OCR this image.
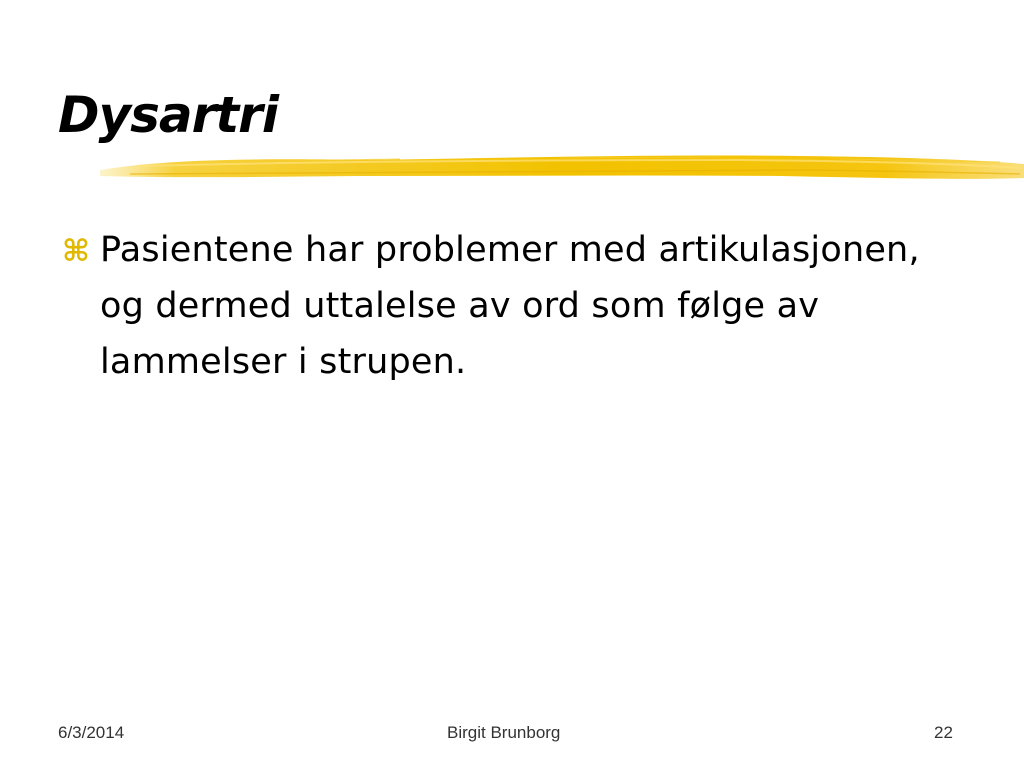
Dysartri
⌘ Pasientene har problemer med artikulasjonen, og dermed uttalelse av ord som følge av lammelser i strupen.

6/3/2014	Birgit Brunborg	22
